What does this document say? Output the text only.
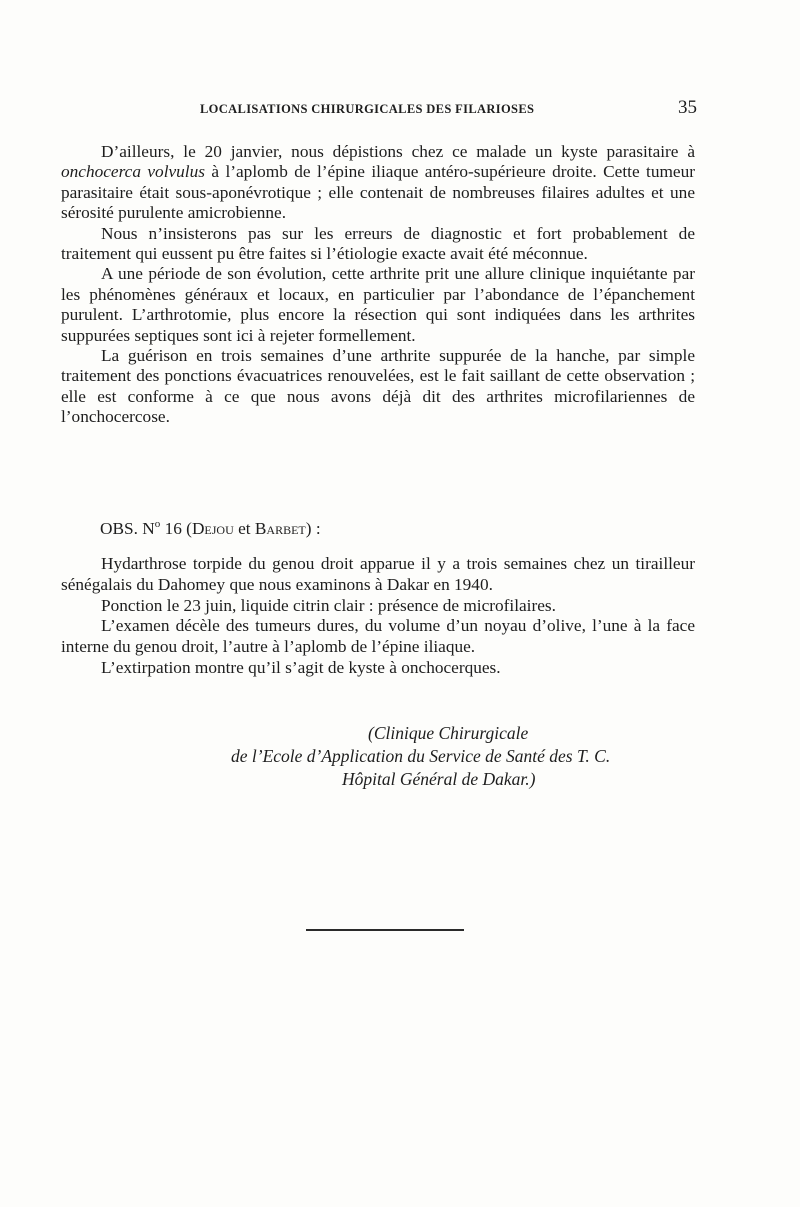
LOCALISATIONS CHIRURGICALES DES FILARIOSES	35

D’ailleurs, le 20 janvier, nous dépistions chez ce malade un kyste parasitaire à onchocerca volvulus à l’aplomb de l’épine iliaque antéro-supérieure droite. Cette tumeur parasitaire était sous-aponévrotique ; elle contenait de nombreuses filaires adultes et une sérosité purulente amicrobienne.

Nous n’insisterons pas sur les erreurs de diagnostic et fort probablement de traitement qui eussent pu être faites si l’étiologie exacte avait été méconnue.

A une période de son évolution, cette arthrite prit une allure clinique inquiétante par les phénomènes généraux et locaux, en particulier par l’abondance de l’épanchement purulent. L’arthrotomie, plus encore la résection qui sont indiquées dans les arthrites suppurées septiques sont ici à rejeter formellement.

La guérison en trois semaines d’une arthrite suppurée de la hanche, par simple traitement des ponctions évacuatrices renouvelées, est le fait saillant de cette observation ; elle est conforme à ce que nous avons déjà dit des arthrites microfilariennes de l’onchocercose.

OBS. $N^o$ 16 (Dejou et Barbet) :

Hydarthrose torpide du genou droit apparue il y a trois semaines chez un tirailleur sénégalais du Dahomey que nous examinons à Dakar en 1940.

Ponction le 23 juin, liquide citrin clair : présence de microfilaires.

L’examen décèle des tumeurs dures, du volume d’un noyau d’olive, l’une à la face interne du genou droit, l’autre à l’aplomb de l’épine iliaque.

L’extirpation montre qu’il s’agit de kyste à onchocerques.

(Clinique Chirurgicale
de l’Ecole d’Application du Service de Santé des T. C.
Hôpital Général de Dakar.)
